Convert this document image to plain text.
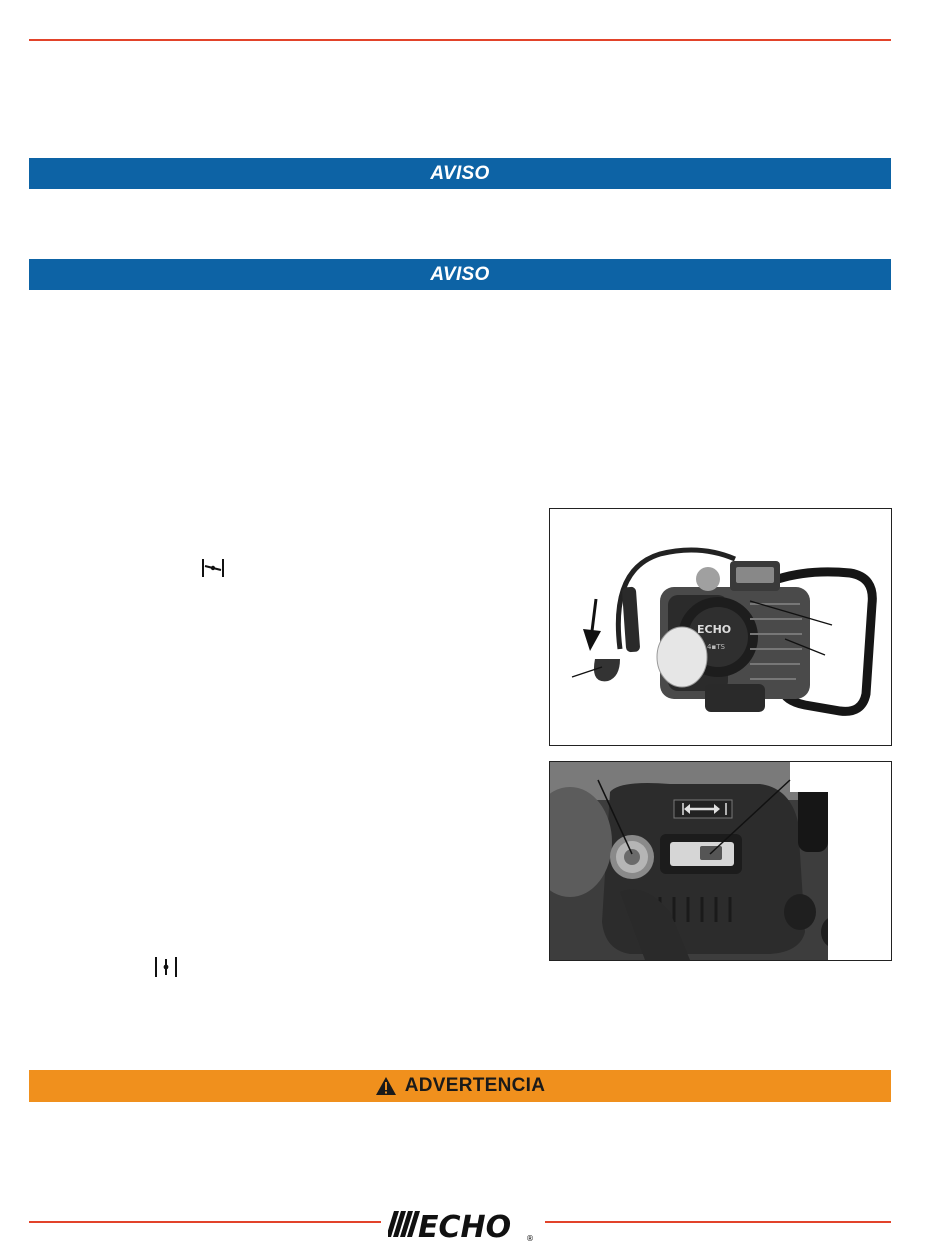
AVISO
AVISO
ECHO
4▪TS
ADVERTENCIA
ECHO ®
